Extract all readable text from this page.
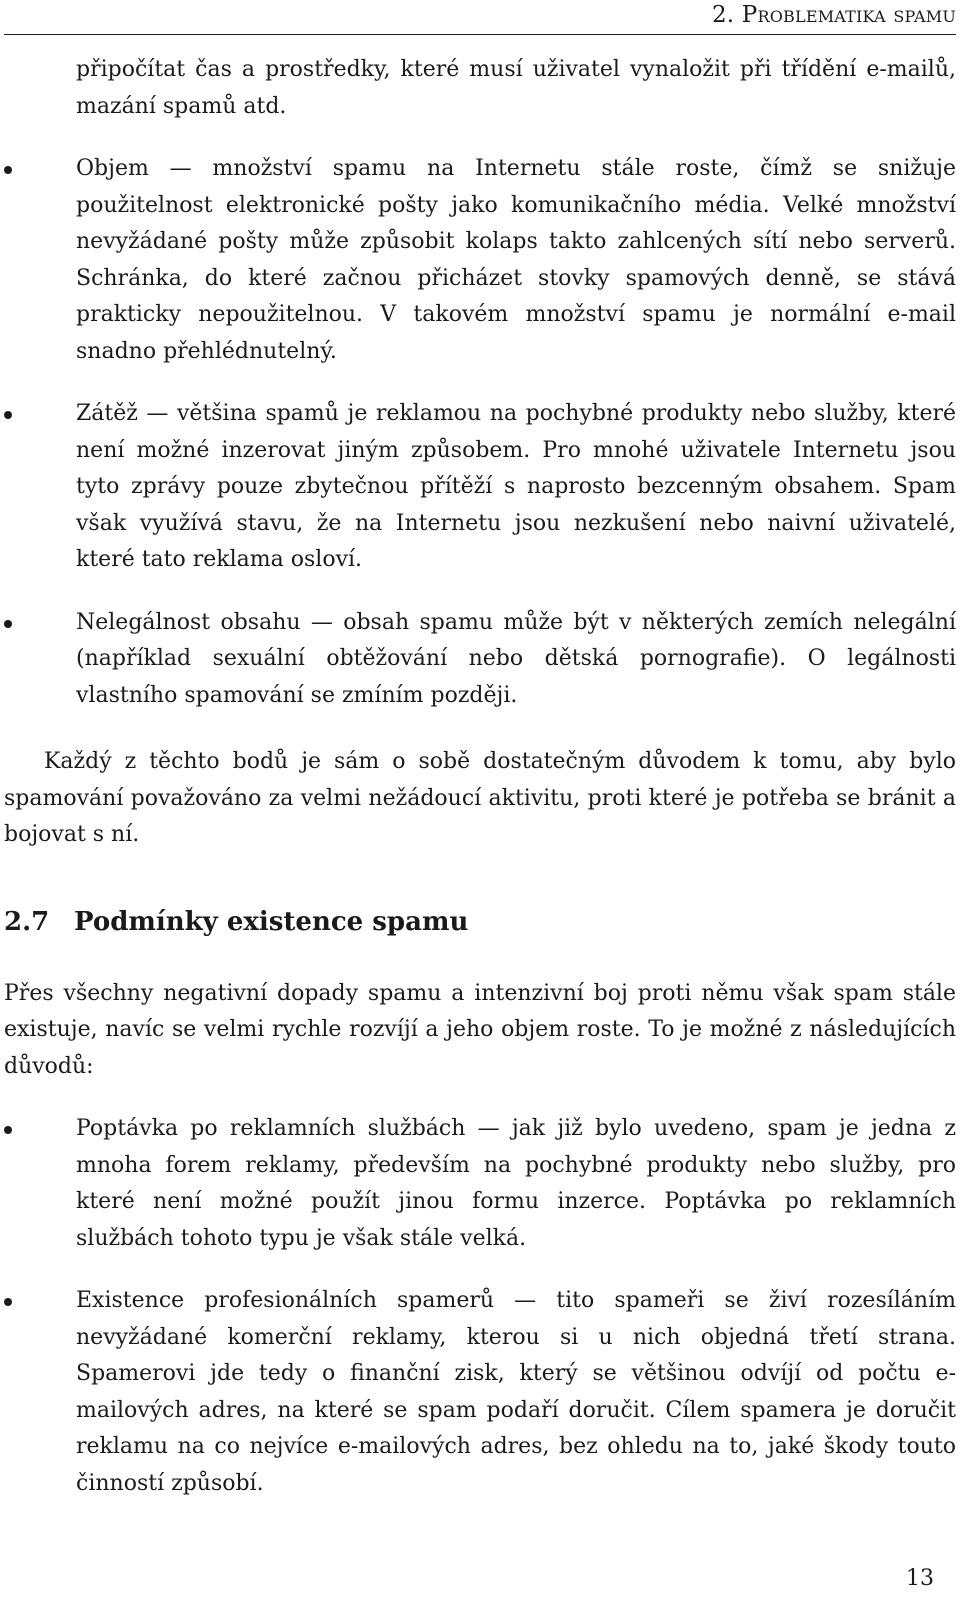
2. Problematika spamu

připočítat čas a prostředky, které musí uživatel vynaložit při třídění e-mailů, mazání spamů atd.

Objem — množství spamu na Internetu stále roste, čímž se snižuje použitelnost elektronické pošty jako komunikačního média. Velké množství nevyžádané pošty může způsobit kolaps takto zahlcených sítí nebo serverů. Schránka, do které začnou přicházet stovky spamových denně, se stává prakticky nepoužitelnou. V takovém množství spamu je normální e-mail snadno přehlédnutelný.
Zátěž — většina spamů je reklamou na pochybné produkty nebo služby, které není možné inzerovat jiným způsobem. Pro mnohé uživatele Internetu jsou tyto zprávy pouze zbytečnou přítěží s naprosto bezcenným obsahem. Spam však využívá stavu, že na Internetu jsou nezkušení nebo naivní uživatelé, které tato reklama osloví.
Nelegálnost obsahu — obsah spamu může být v některých zemích nelegální (například sexuální obtěžování nebo dětská pornografie). O legálnosti vlastního spamování se zmíním později.

Každý z těchto bodů je sám o sobě dostatečným důvodem k tomu, aby bylo spamování považováno za velmi nežádoucí aktivitu, proti které je potřeba se bránit a bojovat s ní.

2.7 Podmínky existence spamu

Přes všechny negativní dopady spamu a intenzivní boj proti němu však spam stále existuje, navíc se velmi rychle rozvíjí a jeho objem roste. To je možné z následujících důvodů:

Poptávka po reklamních službách — jak již bylo uvedeno, spam je jedna z mnoha forem reklamy, především na pochybné produkty nebo služby, pro které není možné použít jinou formu inzerce. Poptávka po reklamních službách tohoto typu je však stále velká.
Existence profesionálních spamerů — tito spameři se živí rozesíláním nevyžádané komerční reklamy, kterou si u nich objedná třetí strana. Spamerovi jde tedy o finanční zisk, který se většinou odvíjí od počtu e-mailových adres, na které se spam podaří doručit. Cílem spamera je doručit reklamu na co nejvíce e-mailových adres, bez ohledu na to, jaké škody touto činností způsobí.
13
